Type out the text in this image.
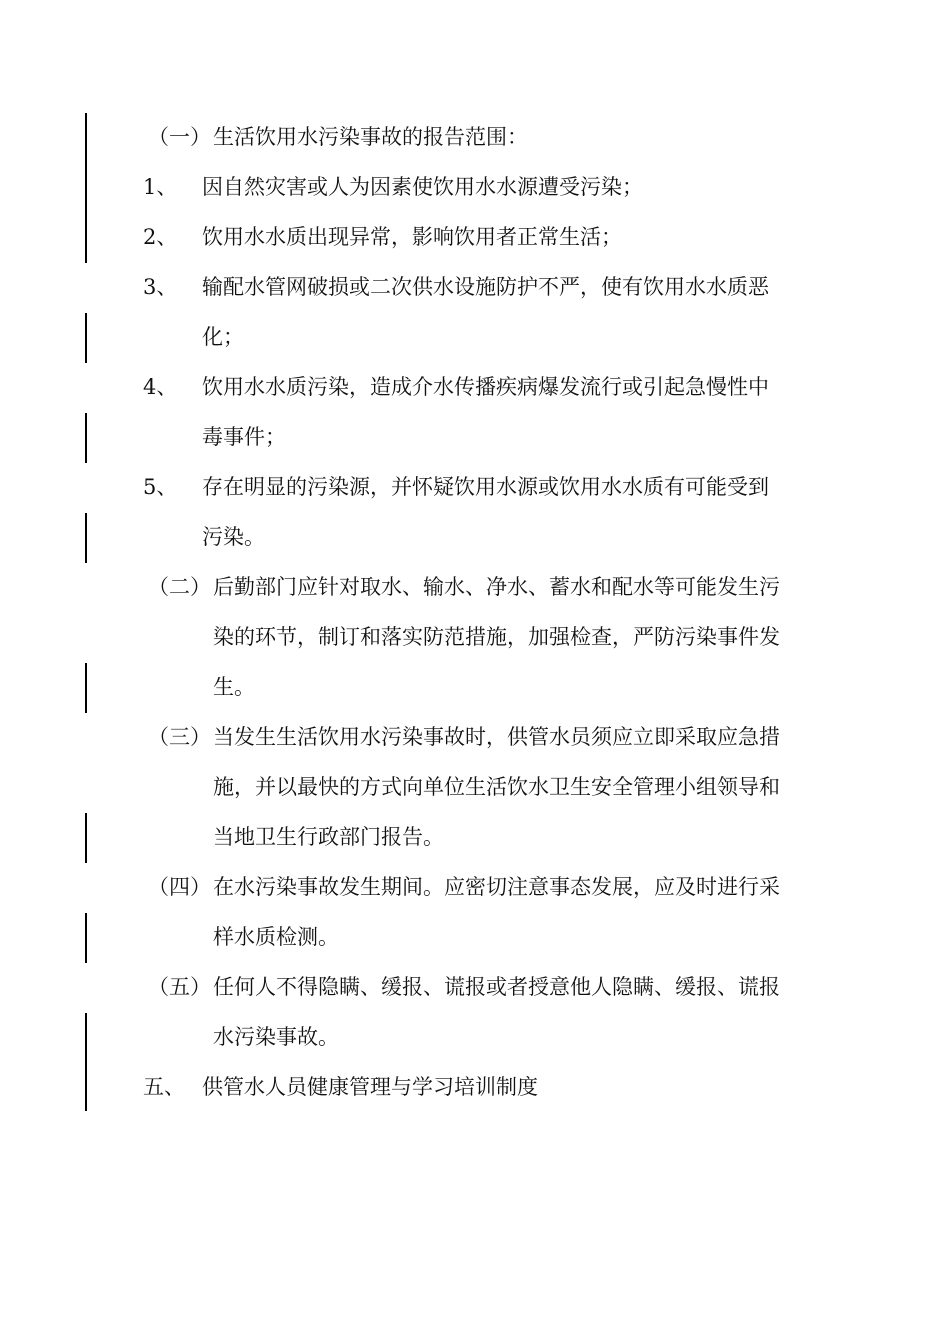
（一） 生活饮用水污染事故的报告范围：
1、 因自然灾害或人为因素使饮用水水源遭受污染；
2、 饮用水水质出现异常，影响饮用者正常生活；
3、 输配水管网破损或二次供水设施防护不严，使有饮用水水质恶
化；
4、 饮用水水质污染，造成介水传播疾病爆发流行或引起急慢性中
毒事件；
5、 存在明显的污染源，并怀疑饮用水源或饮用水水质有可能受到
污染。
（二） 后勤部门应针对取水、输水、净水、蓄水和配水等可能发生污
染的环节，制订和落实防范措施，加强检查，严防污染事件发
生。
（三） 当发生生活饮用水污染事故时，供管水员须应立即采取应急措
施，并以最快的方式向单位生活饮水卫生安全管理小组领导和
当地卫生行政部门报告。
（四） 在水污染事故发生期间。应密切注意事态发展，应及时进行采
样水质检测。
（五） 任何人不得隐瞒、缓报、谎报或者授意他人隐瞒、缓报、谎报
水污染事故。
五、 供管水人员健康管理与学习培训制度
